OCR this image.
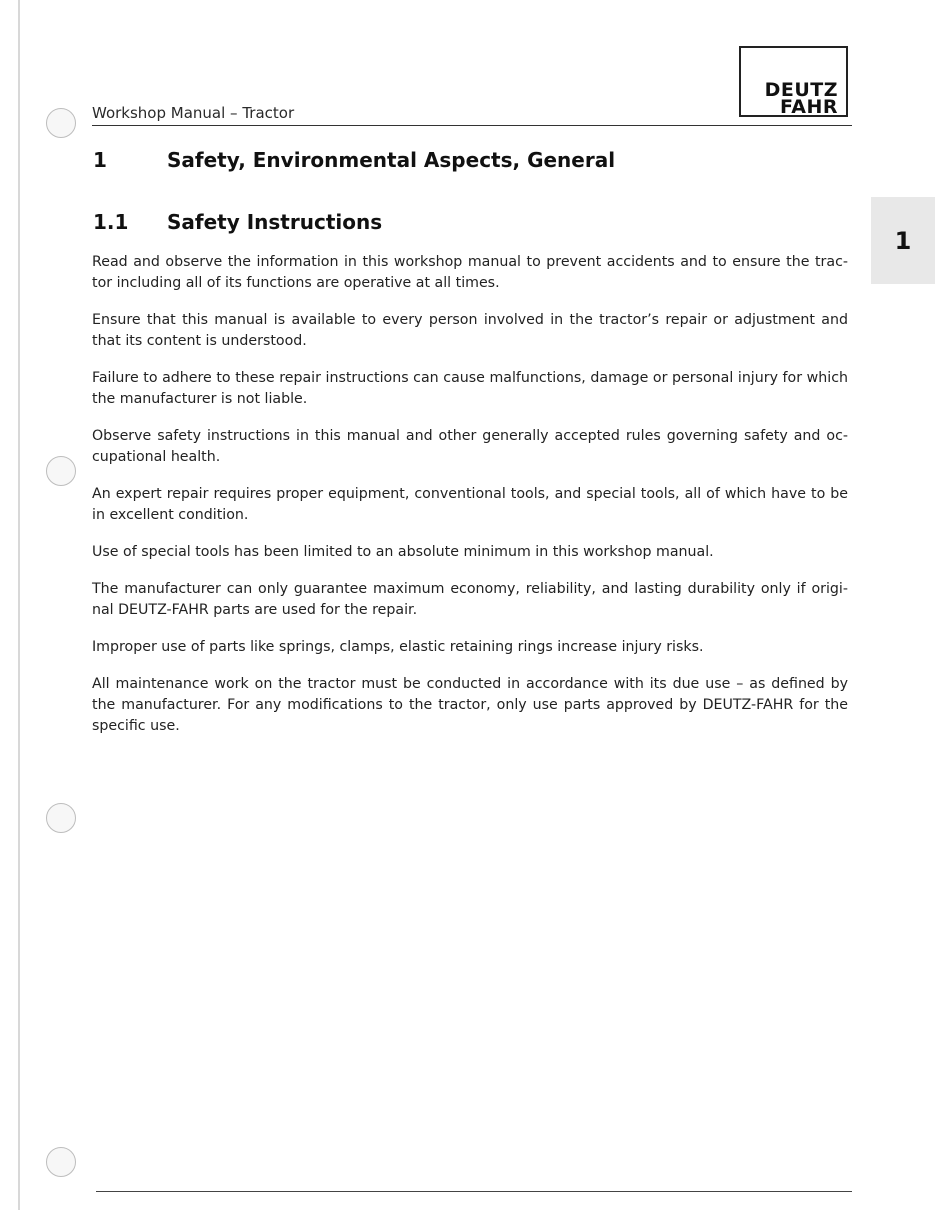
Workshop Manual – Tractor
DEUTZ
FAHR
1	Safety, Environmental Aspects, General
1.1 Safety Instructions
1

Read and observe the information in this workshop manual to prevent accidents and to ensure the trac- tor including all of its functions are operative at all times.

Ensure that this manual is available to every person involved in the tractor’s repair or adjustment and that its content is understood.

Failure to adhere to these repair instructions can cause malfunctions, damage or personal injury for which the manufacturer is not liable.

Observe safety instructions in this manual and other generally accepted rules governing safety and oc- cupational health.

An expert repair requires proper equipment, conventional tools, and special tools, all of which have to be in excellent condition.

Use of special tools has been limited to an absolute minimum in this workshop manual.

The manufacturer can only guarantee maximum economy, reliability, and lasting durability only if origi- nal DEUTZ-FAHR parts are used for the repair.

Improper use of parts like springs, clamps, elastic retaining rings increase injury risks.

All maintenance work on the tractor must be conducted in accordance with its due use – as defined by the manufacturer. For any modifications to the tractor, only use parts approved by DEUTZ-FAHR for the specific use.
